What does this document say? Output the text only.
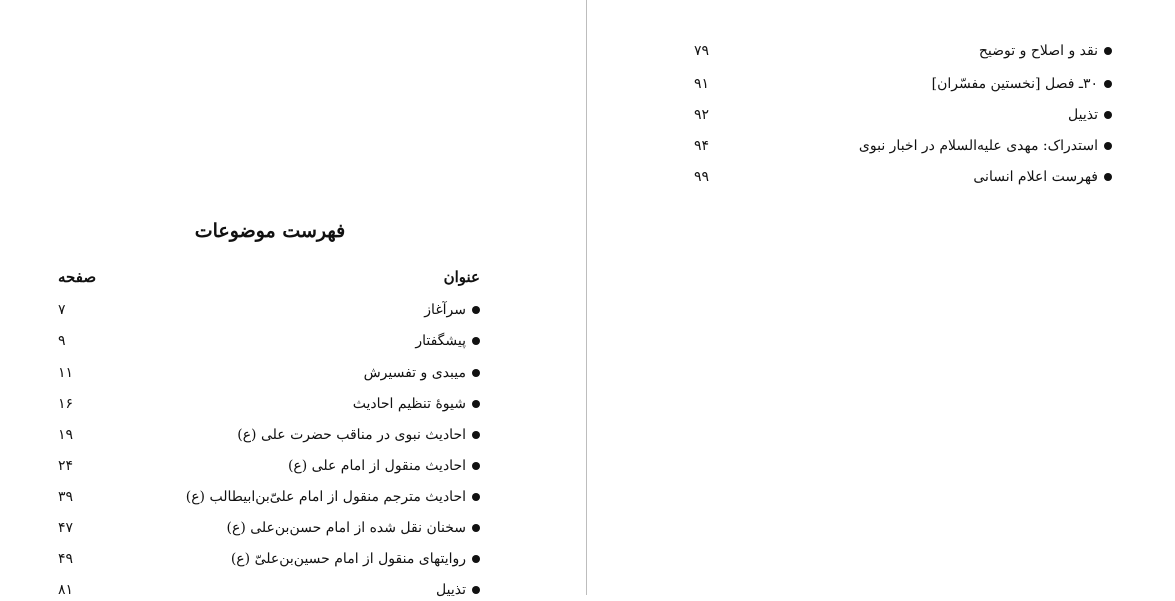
فهرست موضوعات
عنوان
صفحه
۷	سرآغاز
۹	پیشگفتار
۱۱	میبدی و تفسیرش
۱۶	شیوهٔ تنظیم احادیث
۱۹	احادیث نبوی در مناقب حضرت علی (ع)
۲۴	احادیث منقول از امام علی (ع)
۳۹	احادیث مترجم منقول از امام علیّ‌بن‌ابیطالب (ع)
۴۷	سخنان نقل شده از امام حسن‌بن‌علی (ع)
۴۹	روایتهای منقول از امام حسین‌بن‌علیّ (ع)
۸۱	تذییل
۷۹	نقد و اصلاح و توضیح
۹۱	۳۰ـ فصل [نخستین مفسّران]
۹۲	تذییل
۹۴	استدراک: مهدی علیه‌السلام در اخبار نبوی
۹۹	فهرست اعلام انسانی
